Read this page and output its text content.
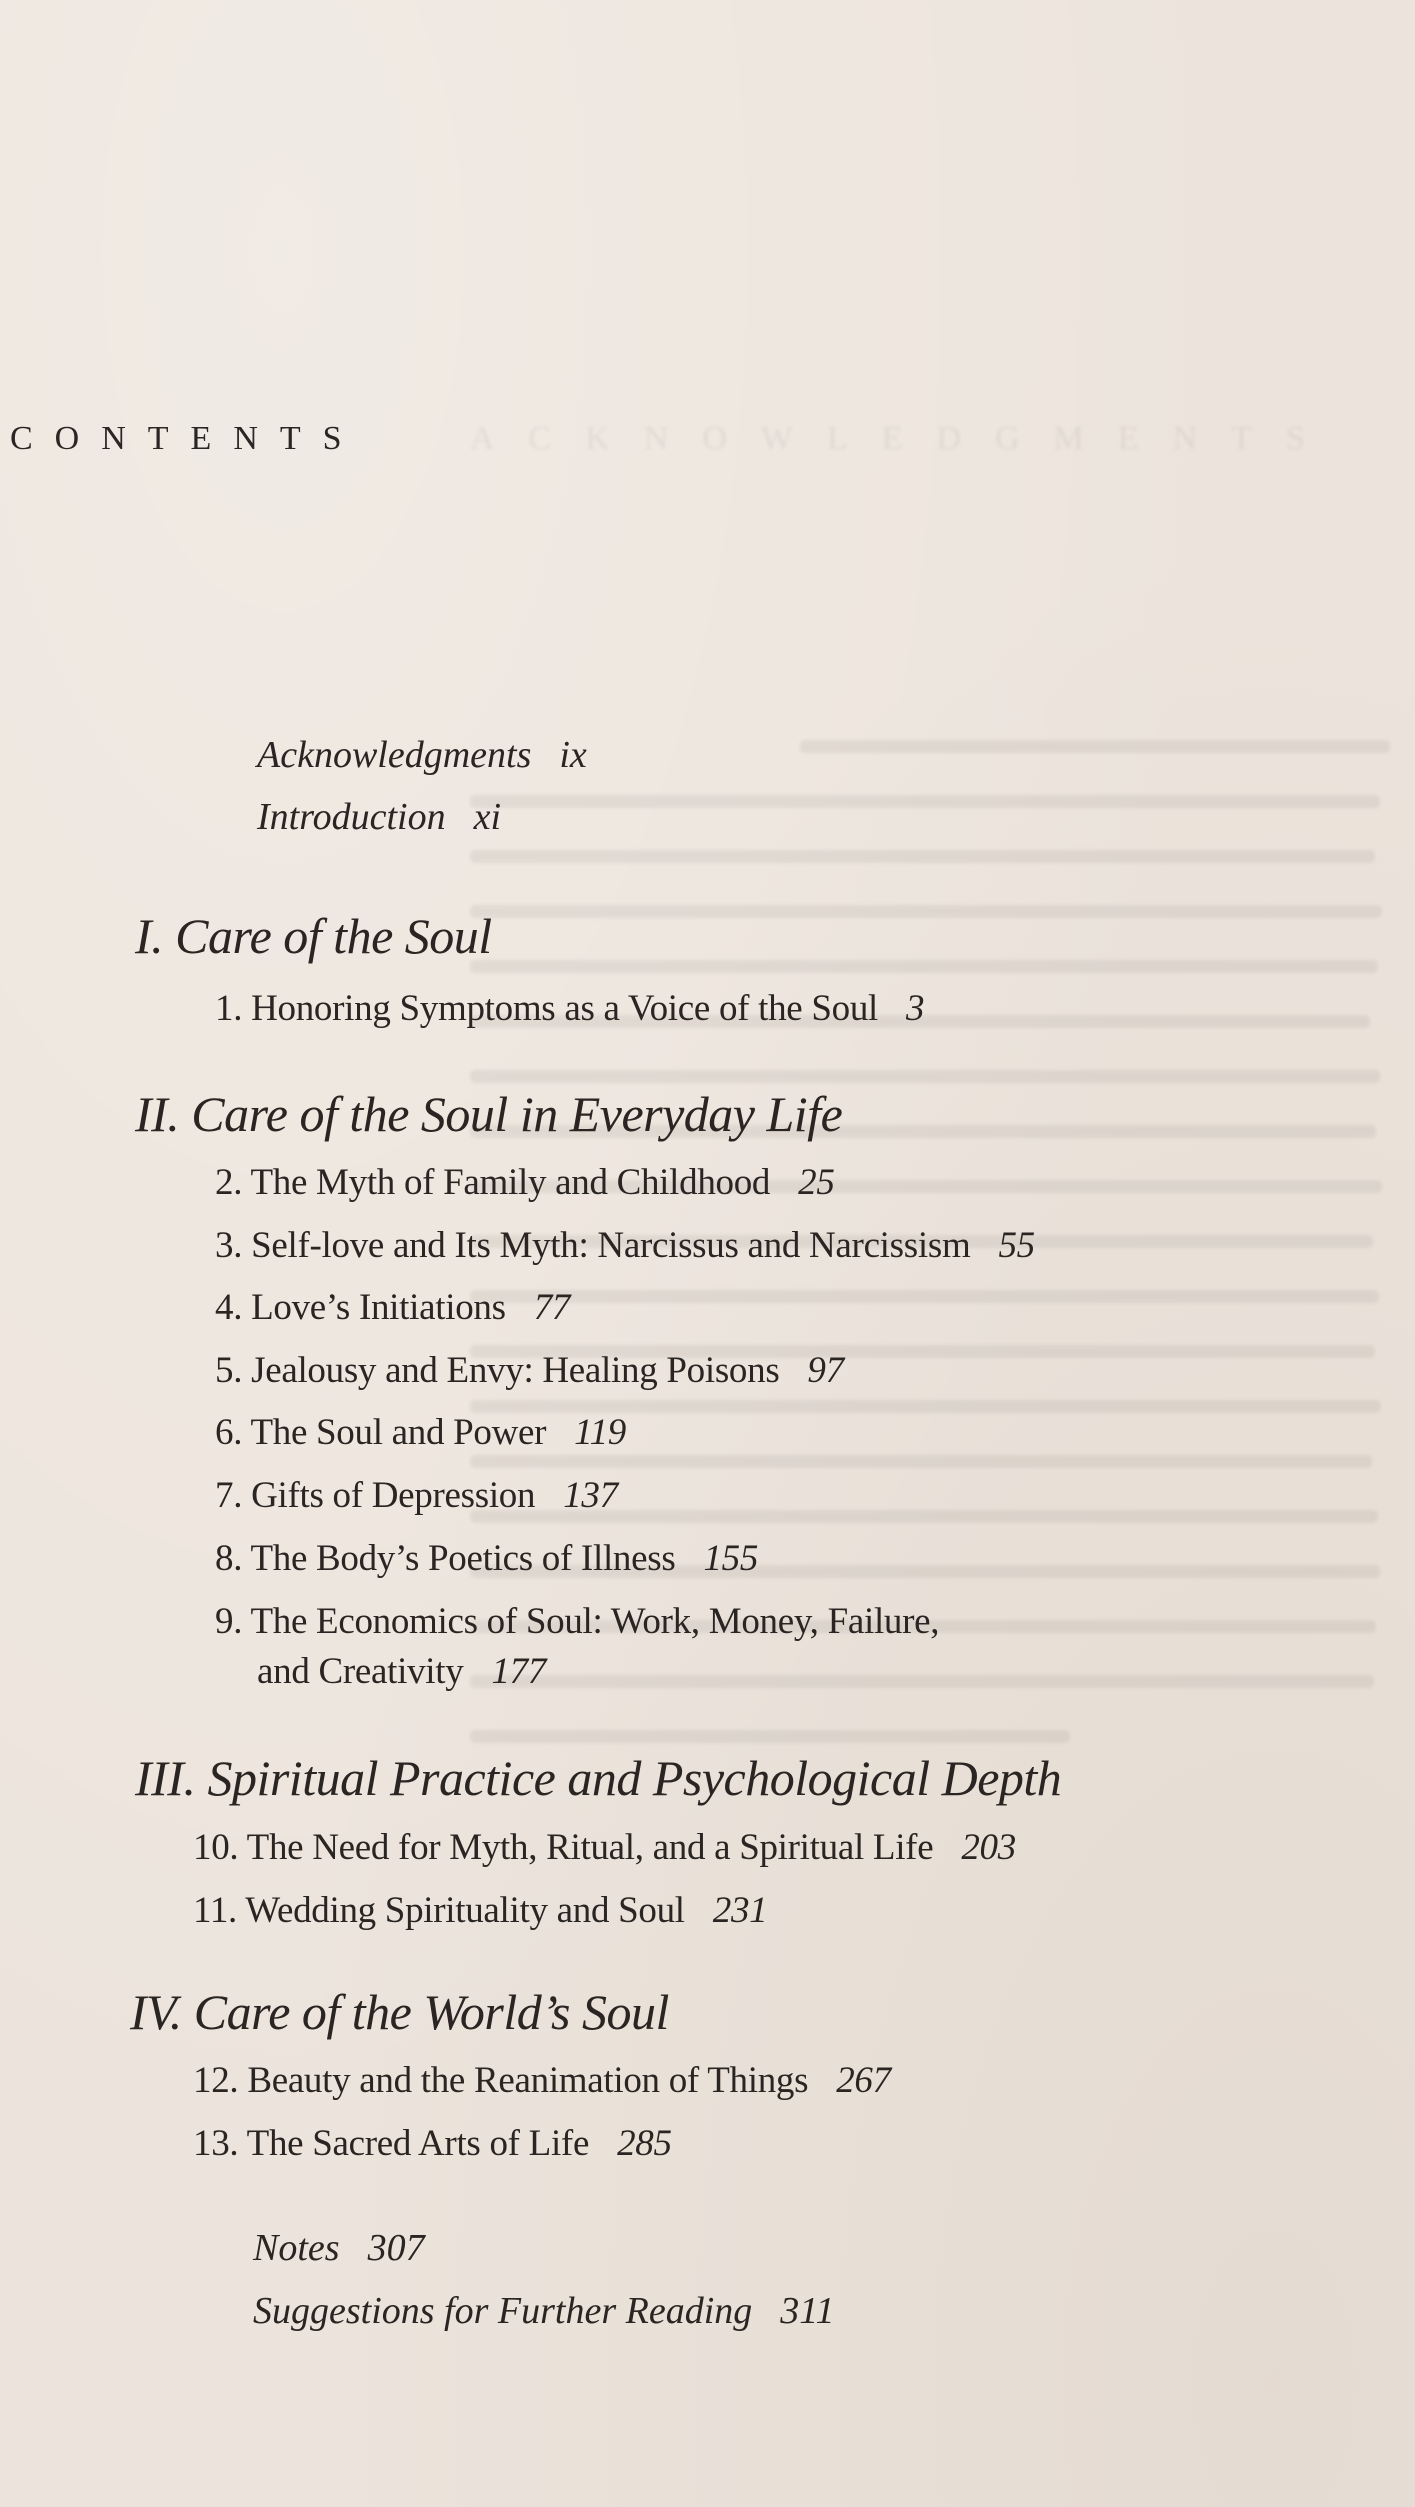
ACKNOWLEDGMENTS
CONTENTS
Acknowledgments ix
Introduction xi
I. Care of the Soul
1. Honoring Symptoms as a Voice of the Soul 3
II. Care of the Soul in Everyday Life
2. The Myth of Family and Childhood 25
3. Self-love and Its Myth: Narcissus and Narcissism 55
4. Love’s Initiations 77
5. Jealousy and Envy: Healing Poisons 97
6. The Soul and Power 119
7. Gifts of Depression 137
8. The Body’s Poetics of Illness 155
9. The Economics of Soul: Work, Money, Failure,
and Creativity 177
III. Spiritual Practice and Psychological Depth
10. The Need for Myth, Ritual, and a Spiritual Life 203
11. Wedding Spirituality and Soul 231
IV. Care of the World’s Soul
12. Beauty and the Reanimation of Things 267
13. The Sacred Arts of Life 285
Notes 307
Suggestions for Further Reading 311
